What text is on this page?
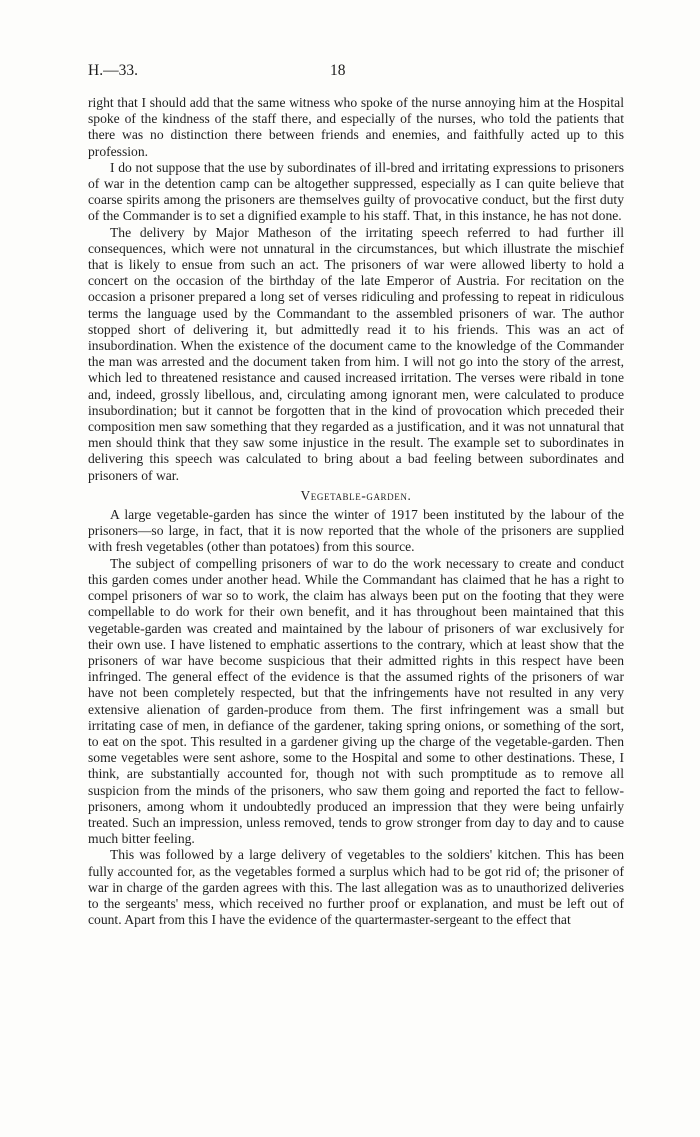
H.—33.	18

right that I should add that the same witness who spoke of the nurse annoying him at the Hospital spoke of the kindness of the staff there, and especially of the nurses, who told the patients that there was no distinction there between friends and enemies, and faithfully acted up to this profession.

I do not suppose that the use by subordinates of ill-bred and irritating expressions to prisoners of war in the detention camp can be altogether suppressed, especially as I can quite believe that coarse spirits among the prisoners are themselves guilty of provocative conduct, but the first duty of the Commander is to set a dignified example to his staff. That, in this instance, he has not done.

The delivery by Major Matheson of the irritating speech referred to had further ill consequences, which were not unnatural in the circumstances, but which illustrate the mischief that is likely to ensue from such an act. The prisoners of war were allowed liberty to hold a concert on the occasion of the birthday of the late Emperor of Austria. For recitation on the occasion a prisoner prepared a long set of verses ridiculing and professing to repeat in ridiculous terms the language used by the Commandant to the assembled prisoners of war. The author stopped short of delivering it, but admittedly read it to his friends. This was an act of insubordination. When the existence of the document came to the knowledge of the Commander the man was arrested and the document taken from him. I will not go into the story of the arrest, which led to threatened resistance and caused increased irritation. The verses were ribald in tone and, indeed, grossly libellous, and, circulating among ignorant men, were calculated to produce insubordination; but it cannot be forgotten that in the kind of provocation which preceded their composition men saw something that they regarded as a justification, and it was not unnatural that men should think that they saw some injustice in the result. The example set to subordinates in delivering this speech was calculated to bring about a bad feeling between subordinates and prisoners of war.

Vegetable-garden.

A large vegetable-garden has since the winter of 1917 been instituted by the labour of the prisoners—so large, in fact, that it is now reported that the whole of the prisoners are supplied with fresh vegetables (other than potatoes) from this source.

The subject of compelling prisoners of war to do the work necessary to create and conduct this garden comes under another head. While the Commandant has claimed that he has a right to compel prisoners of war so to work, the claim has always been put on the footing that they were compellable to do work for their own benefit, and it has throughout been maintained that this vegetable-garden was created and maintained by the labour of prisoners of war exclusively for their own use. I have listened to emphatic assertions to the contrary, which at least show that the prisoners of war have become suspicious that their admitted rights in this respect have been infringed. The general effect of the evidence is that the assumed rights of the prisoners of war have not been completely respected, but that the infringements have not resulted in any very extensive alienation of garden-produce from them. The first infringement was a small but irritating case of men, in defiance of the gardener, taking spring onions, or something of the sort, to eat on the spot. This resulted in a gardener giving up the charge of the vegetable-garden. Then some vegetables were sent ashore, some to the Hospital and some to other destinations. These, I think, are substantially accounted for, though not with such promptitude as to remove all suspicion from the minds of the prisoners, who saw them going and reported the fact to fellow-prisoners, among whom it undoubtedly produced an impression that they were being unfairly treated. Such an impression, unless removed, tends to grow stronger from day to day and to cause much bitter feeling.

This was followed by a large delivery of vegetables to the soldiers' kitchen. This has been fully accounted for, as the vegetables formed a surplus which had to be got rid of; the prisoner of war in charge of the garden agrees with this. The last allegation was as to unauthorized deliveries to the sergeants' mess, which received no further proof or explanation, and must be left out of count. Apart from this I have the evidence of the quartermaster-sergeant to the effect that
